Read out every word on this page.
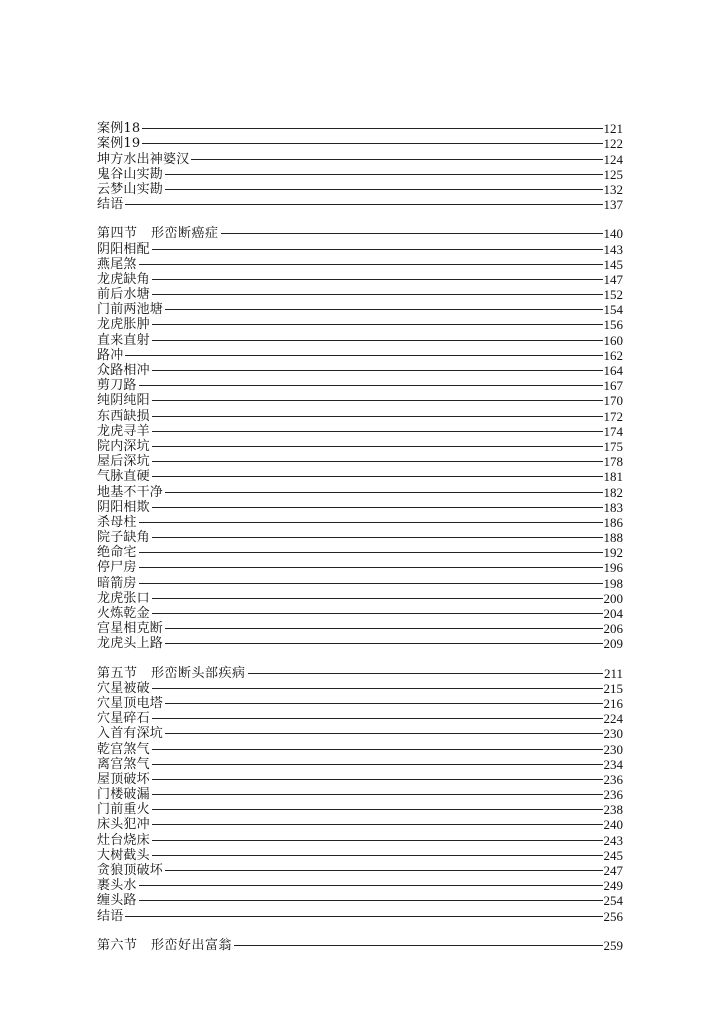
案例18	121
案例19	122
坤方水出神婆汉	124
鬼谷山实勘	125
云梦山实勘	132
结语	137
第四节　形峦断癌症	140
阴阳相配	143
燕尾煞	145
龙虎缺角	147
前后水塘	152
门前两池塘	154
龙虎胀肿	156
直来直射	160
路冲	162
众路相冲	164
剪刀路	167
纯阴纯阳	170
东西缺损	172
龙虎寻羊	174
院内深坑	175
屋后深坑	178
气脉直硬	181
地基不干净	182
阴阳相欺	183
杀母柱	186
院子缺角	188
绝命宅	192
停尸房	196
暗箭房	198
龙虎张口	200
火炼乾金	204
宫星相克断	206
龙虎头上路	209
第五节　形峦断头部疾病	211
穴星被破	215
穴星顶电塔	216
穴星碎石	224
入首有深坑	230
乾宫煞气	230
离宫煞气	234
屋顶破坏	236
门楼破漏	236
门前重火	238
床头犯冲	240
灶台烧床	243
大树截头	245
贪狼顶破坏	247
裹头水	249
缠头路	254
结语	256
第六节　形峦好出富翁	259
